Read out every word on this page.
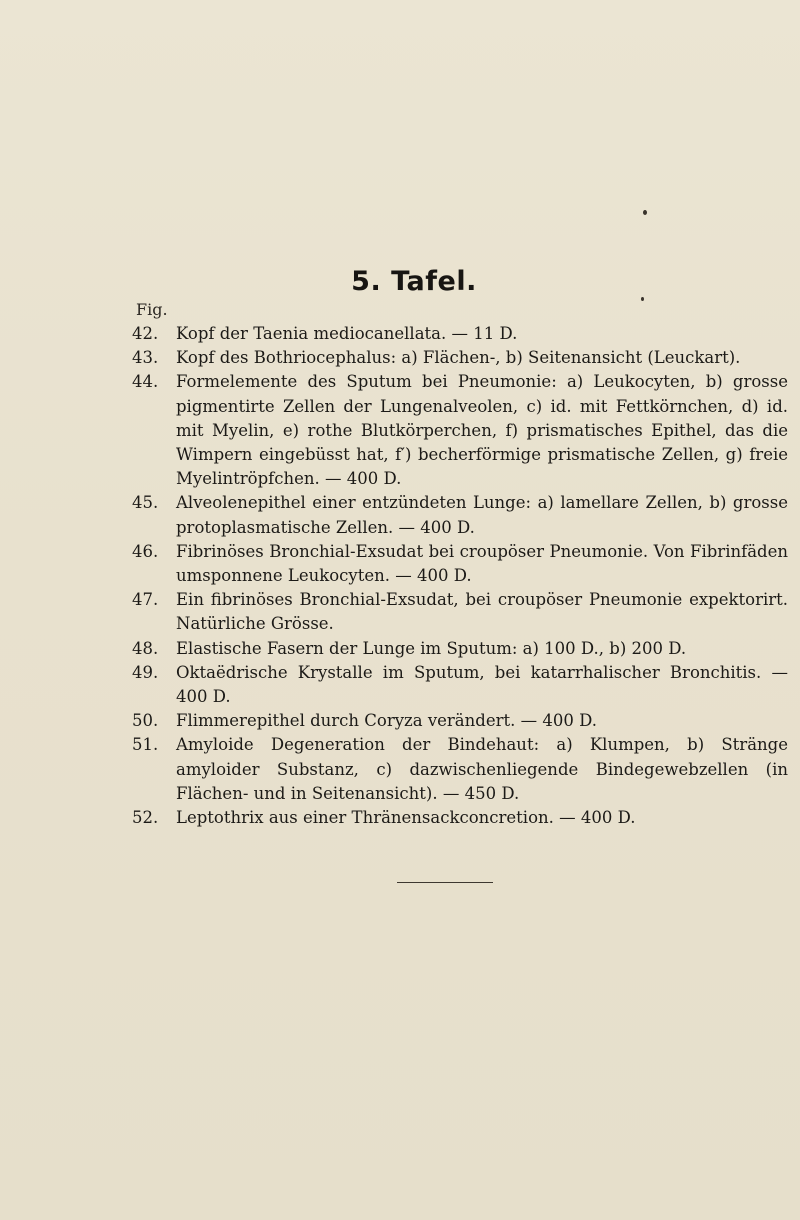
5. Tafel.
Fig.
42.	Kopf der Taenia mediocanellata. — 11 D.
43.	Kopf des Bothriocephalus: a) Flächen-, b) Seitenansicht (Leuckart).
44.	Formelemente des Sputum bei Pneumonie: a) Leukocyten, b) grosse pigmentirte Zellen der Lungenalveolen, c) id. mit Fettkörnchen, d) id. mit Myelin, e) rothe Blutkörperchen, f) prismatisches Epithel, das die Wimpern eingebüsst hat, f′) becherförmige prismatische Zellen, g) freie Myelintröpfchen. — 400 D.
45.	Alveolenepithel einer entzündeten Lunge: a) lamellare Zellen, b) grosse protoplasmatische Zellen. — 400 D.
46.	Fibrinöses Bronchial-Exsudat bei croupöser Pneumonie. Von Fibrinfäden umsponnene Leukocyten. — 400 D.
47.	Ein fibrinöses Bronchial-Exsudat, bei croupöser Pneumonie expektorirt. Natürliche Grösse.
48.	Elastische Fasern der Lunge im Sputum: a) 100 D., b) 200 D.
49.	Oktaëdrische Krystalle im Sputum, bei katarrhalischer Bronchitis. — 400 D.
50.	Flimmerepithel durch Coryza verändert. — 400 D.
51.	Amyloide Degeneration der Bindehaut: a) Klumpen, b) Stränge amyloider Substanz, c) dazwischenliegende Bindegewebzellen (in Flächen- und in Seitenansicht). — 450 D.
52.	Leptothrix aus einer Thränensackconcretion. — 400 D.
